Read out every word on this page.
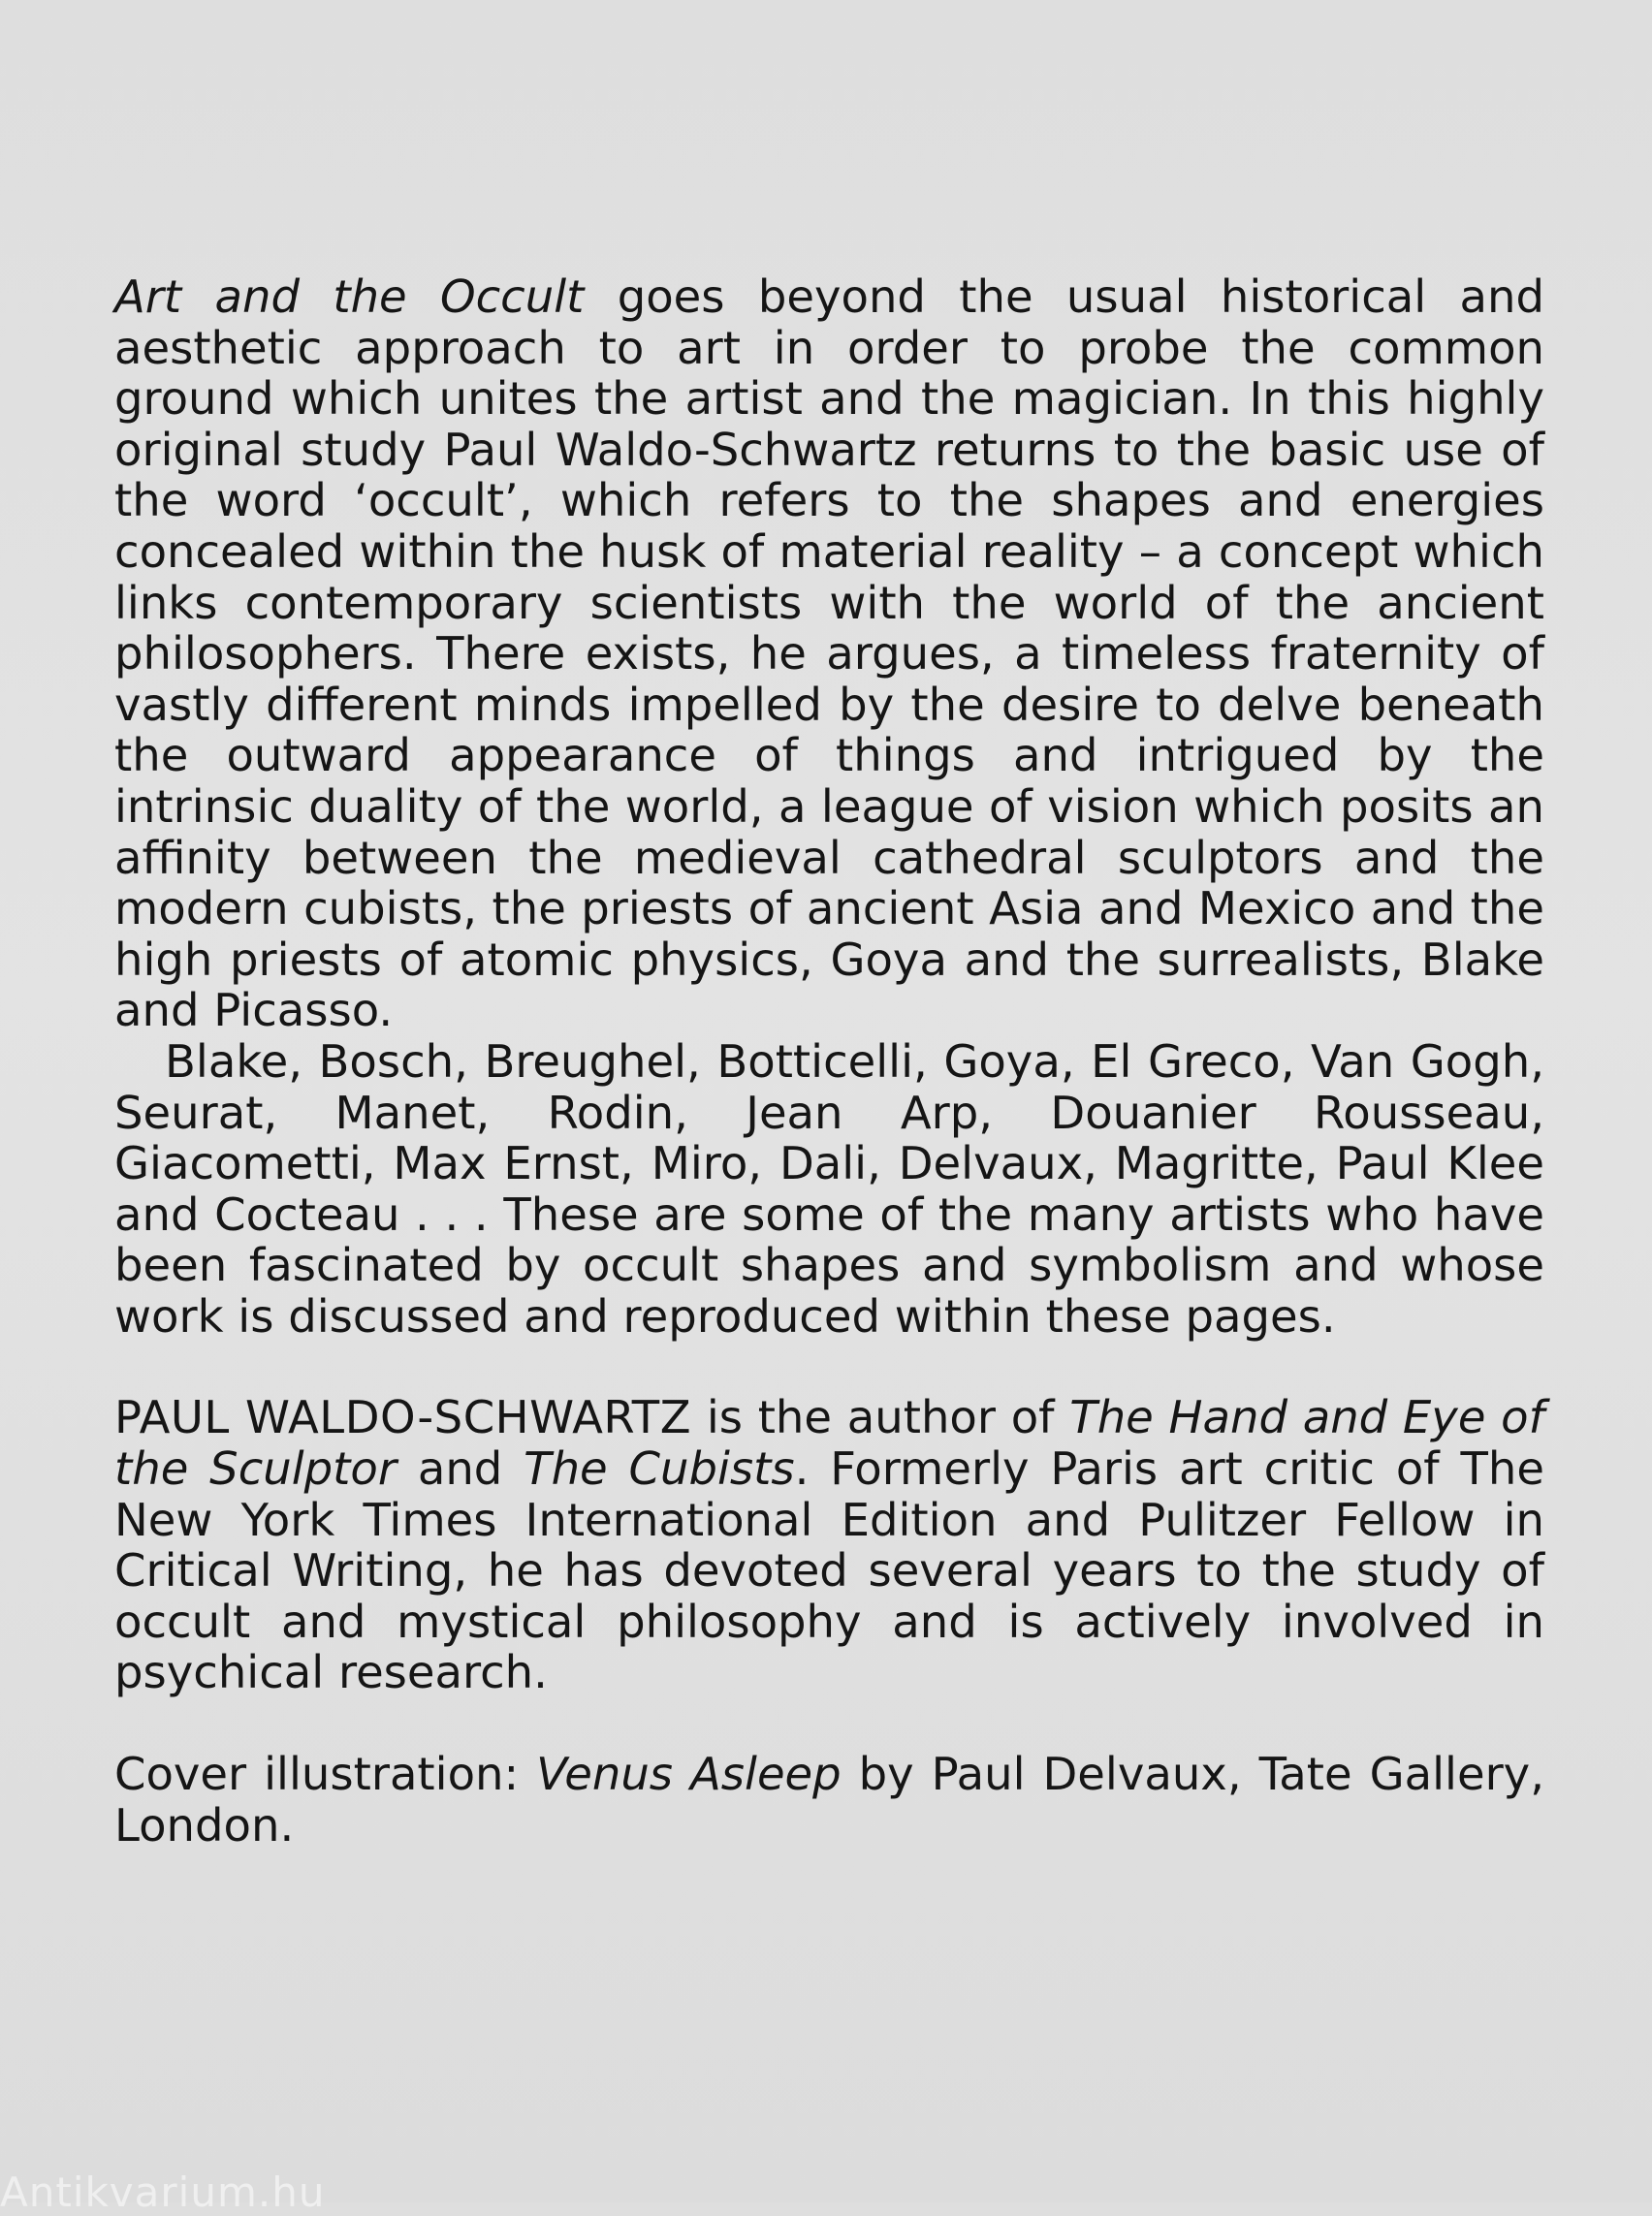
Art and the Occult goes beyond the usual historical and aesthetic approach to art in order to probe the common ground which unites the artist and the magician. In this highly original study Paul Waldo-Schwartz returns to the basic use of the word ‘occult’, which refers to the shapes and energies concealed within the husk of material reality – a concept which links contemporary scientists with the world of the ancient philosophers. There exists, he argues, a timeless fraternity of vastly different minds impelled by the desire to delve beneath the outward appearance of things and intrigued by the intrinsic duality of the world, a league of vision which posits an affinity between the medieval cathedral sculptors and the modern cubists, the priests of ancient Asia and Mexico and the high priests of atomic physics, Goya and the surrealists, Blake and Picasso.

Blake, Bosch, Breughel, Botticelli, Goya, El Greco, Van Gogh, Seurat, Manet, Rodin, Jean Arp, Douanier Rousseau, Giacometti, Max Ernst, Miro, Dali, Delvaux, Magritte, Paul Klee and Cocteau . . . These are some of the many artists who have been fascinated by occult shapes and symbolism and whose work is discussed and reproduced within these pages.

PAUL WALDO-SCHWARTZ is the author of The Hand and Eye of the Sculptor and The Cubists. Formerly Paris art critic of The New York Times International Edition and Pulitzer Fellow in Critical Writing, he has devoted several years to the study of occult and mystical philosophy and is actively involved in psychical research.

Cover illustration: Venus Asleep by Paul Delvaux, Tate Gallery, London.

Antikvarium.hu
